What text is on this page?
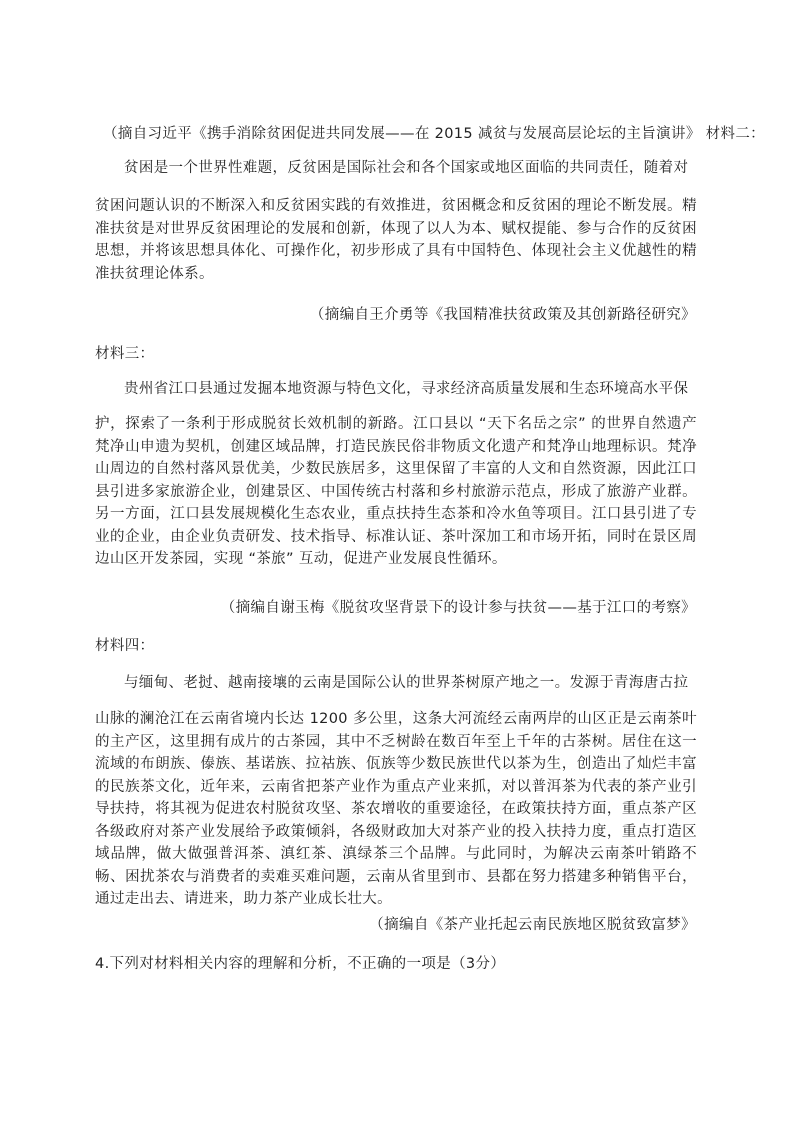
（摘自习近平《携手消除贫困促进共同发展——在 2015 减贫与发展高层论坛的主旨演讲》 材料二：
贫困是一个世界性难题，反贫困是国际社会和各个国家或地区面临的共同责任，随着对
贫困问题认识的不断深入和反贫困实践的有效推进，贫困概念和反贫困的理论不断发展。精准扶贫是对世界反贫困理论的发展和创新，体现了以人为本、赋权提能、参与合作的反贫困思想，并将该思想具体化、可操作化，初步形成了具有中国特色、体现社会主义优越性的精准扶贫理论体系。
（摘编自王介勇等《我国精准扶贫政策及其创新路径研究》
材料三：
贵州省江口县通过发掘本地资源与特色文化，寻求经济高质量发展和生态环境高水平保
护，探索了一条利于形成脱贫长效机制的新路。江口县以 “天下名岳之宗” 的世界自然遗产梵净山申遗为契机，创建区域品牌，打造民族民俗非物质文化遗产和梵净山地理标识。梵净山周边的自然村落风景优美，少数民族居多，这里保留了丰富的人文和自然资源，因此江口县引进多家旅游企业，创建景区、中国传统古村落和乡村旅游示范点，形成了旅游产业群。另一方面，江口县发展规模化生态农业，重点扶持生态茶和冷水鱼等项目。江口县引进了专业的企业，由企业负责研发、技术指导、标准认证、茶叶深加工和市场开拓，同时在景区周边山区开发茶园，实现 “茶旅” 互动，促进产业发展良性循环。
（摘编自谢玉梅《脱贫攻坚背景下的设计参与扶贫——基于江口的考察》
材料四：
与缅甸、老挝、越南接壤的云南是国际公认的世界茶树原产地之一。发源于青海唐古拉
山脉的澜沧江在云南省境内长达 1200 多公里，这条大河流经云南两岸的山区正是云南茶叶的主产区，这里拥有成片的古茶园，其中不乏树龄在数百年至上千年的古茶树。居住在这一流域的布朗族、傣族、基诺族、拉祜族、佤族等少数民族世代以茶为生，创造出了灿烂丰富的民族茶文化，近年来，云南省把茶产业作为重点产业来抓，对以普洱茶为代表的茶产业引导扶持，将其视为促进农村脱贫攻坚、茶农增收的重要途径，在政策扶持方面，重点茶产区各级政府对茶产业发展给予政策倾斜，各级财政加大对茶产业的投入扶持力度，重点打造区域品牌，做大做强普洱茶、滇红茶、滇绿茶三个品牌。与此同时，为解决云南茶叶销路不畅、困扰茶农与消费者的卖难买难问题，云南从省里到市、县都在努力搭建多种销售平台，通过走出去、请进来，助力茶产业成长壮大。
（摘编自《茶产业托起云南民族地区脱贫致富梦》
4.下列对材料相关内容的理解和分析，不正确的一项是（3分）
